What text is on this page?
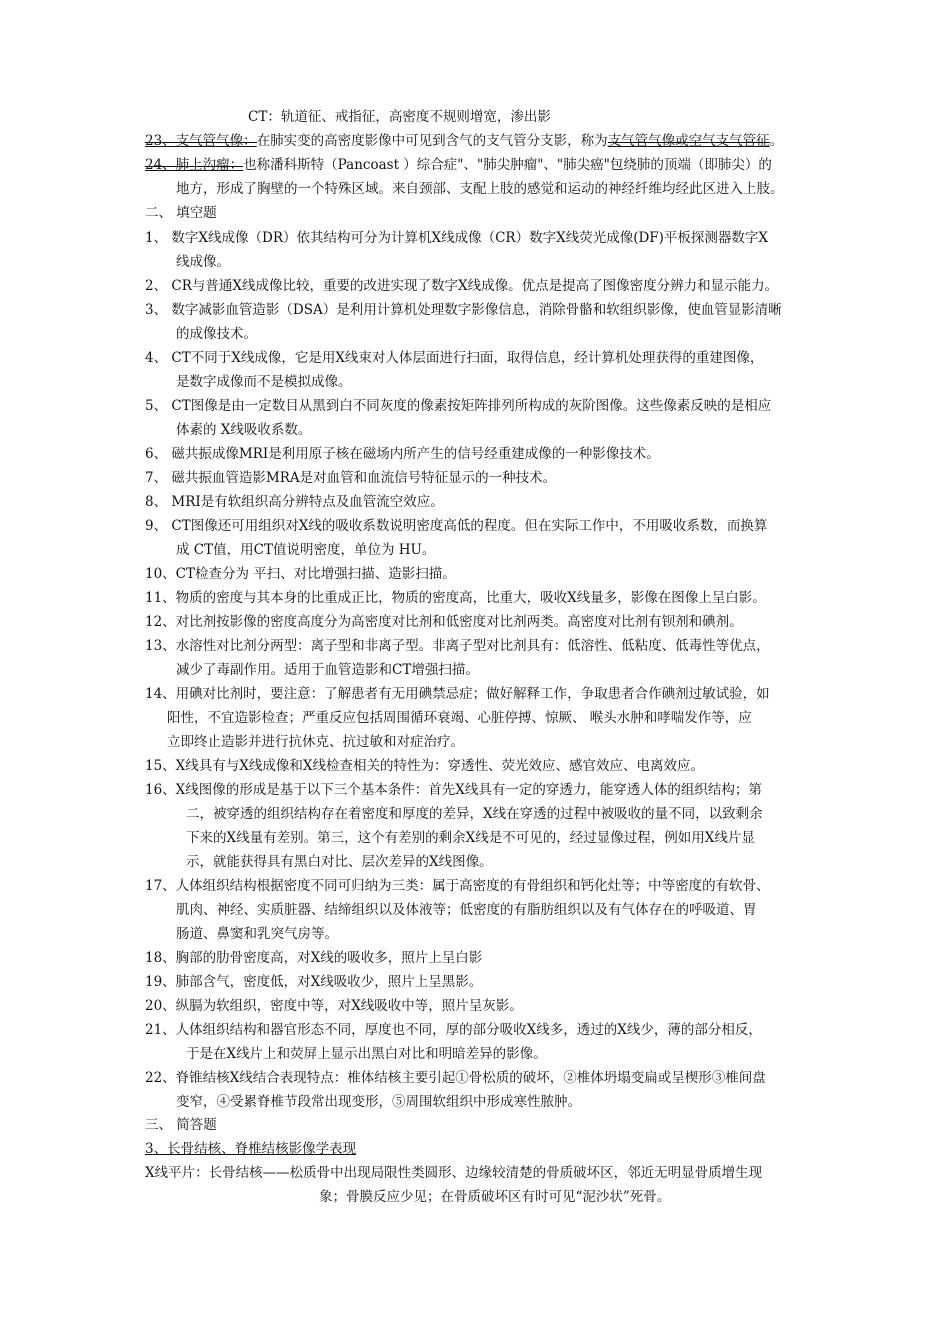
CT：轨道征、戒指征，高密度不规则增宽，渗出影
23、支气管气像：在肺实变的高密度影像中可见到含气的支气管分支影，称为支气管气像或空气支气管征。
24、肺上沟瘤：也称潘科斯特（Pancoast ）综合症"、"肺尖肿瘤"、"肺尖癌"包绕肺的顶端（即肺尖）的
地方，形成了胸壁的一个特殊区域。来自颈部、支配上肢的感觉和运动的神经纤维均经此区进入上肢。
二、 填空题
1、 数字X线成像（DR）依其结构可分为计算机X线成像（CR）数字X线荧光成像(DF)平板探测器数字X
线成像。
2、 CR与普通X线成像比较，重要的改进实现了数字X线成像。优点是提高了图像密度分辨力和显示能力。
3、 数字减影血管造影（DSA）是利用计算机处理数字影像信息，消除骨骼和软组织影像，使血管显影清晰
的成像技术。
4、 CT不同于X线成像，它是用X线束对人体层面进行扫面，取得信息，经计算机处理获得的重建图像，
是数字成像而不是模拟成像。
5、 CT图像是由一定数目从黑到白不同灰度的像素按矩阵排列所构成的灰阶图像。这些像素反映的是相应
体素的 X线吸收系数。
6、 磁共振成像MRI是利用原子核在磁场内所产生的信号经重建成像的一种影像技术。
7、 磁共振血管造影MRA是对血管和血流信号特征显示的一种技术。
8、 MRI是有软组织高分辨特点及血管流空效应。
9、 CT图像还可用组织对X线的吸收系数说明密度高低的程度。但在实际工作中，不用吸收系数，而换算
成 CT值，用CT值说明密度，单位为 HU。
10、CT检查分为 平扫、对比增强扫描、造影扫描。
11、物质的密度与其本身的比重成正比，物质的密度高，比重大，吸收X线量多，影像在图像上呈白影。
12、对比剂按影像的密度高度分为高密度对比剂和低密度对比剂两类。高密度对比剂有钡剂和碘剂。
13、水溶性对比剂分两型：离子型和非离子型。非离子型对比剂具有：低溶性、低粘度、低毒性等优点，
减少了毒副作用。适用于血管造影和CT增强扫描。
14、用碘对比剂时，要注意：了解患者有无用碘禁忌症；做好解释工作，争取患者合作碘剂过敏试验，如
阳性，不宜造影检查；严重反应包括周围循环衰竭、心脏停搏、惊厥、 喉头水肿和哮喘发作等，应
立即终止造影并进行抗休克、抗过敏和对症治疗。
15、X线具有与X线成像和X线检查相关的特性为：穿透性、荧光效应、感官效应、电离效应。
16、X线图像的形成是基于以下三个基本条件：首先X线具有一定的穿透力，能穿透人体的组织结构；第
二，被穿透的组织结构存在着密度和厚度的差异，X线在穿透的过程中被吸收的量不同，以致剩余
下来的X线量有差别。第三，这个有差别的剩余X线是不可见的，经过显像过程，例如用X线片显
示，就能获得具有黑白对比、层次差异的X线图像。
17、人体组织结构根据密度不同可归纳为三类：属于高密度的有骨组织和钙化灶等；中等密度的有软骨、
肌肉、神经、实质脏器、结缔组织以及体液等；低密度的有脂肪组织以及有气体存在的呼吸道、胃
肠道、鼻窦和乳突气房等。
18、胸部的肋骨密度高，对X线的吸收多，照片上呈白影
19、肺部含气，密度低，对X线吸收少，照片上呈黑影。
20、纵膈为软组织，密度中等，对X线吸收中等，照片呈灰影。
21、人体组织结构和器官形态不同，厚度也不同，厚的部分吸收X线多，透过的X线少，薄的部分相反，
于是在X线片上和荧屏上显示出黑白对比和明暗差异的影像。
22、脊锥结核X线结合表现特点：椎体结核主要引起①骨松质的破坏，②椎体坍塌变扁或呈楔形③椎间盘
变窄，④受累脊椎节段常出现变形，⑤周围软组织中形成寒性脓肿。
三、 简答题
3、长骨结核、脊椎结核影像学表现
X线平片：长骨结核——松质骨中出现局限性类圆形、边缘较清楚的骨质破坏区，邻近无明显骨质增生现
象；骨膜反应少见；在骨质破坏区有时可见“泥沙状”死骨。
